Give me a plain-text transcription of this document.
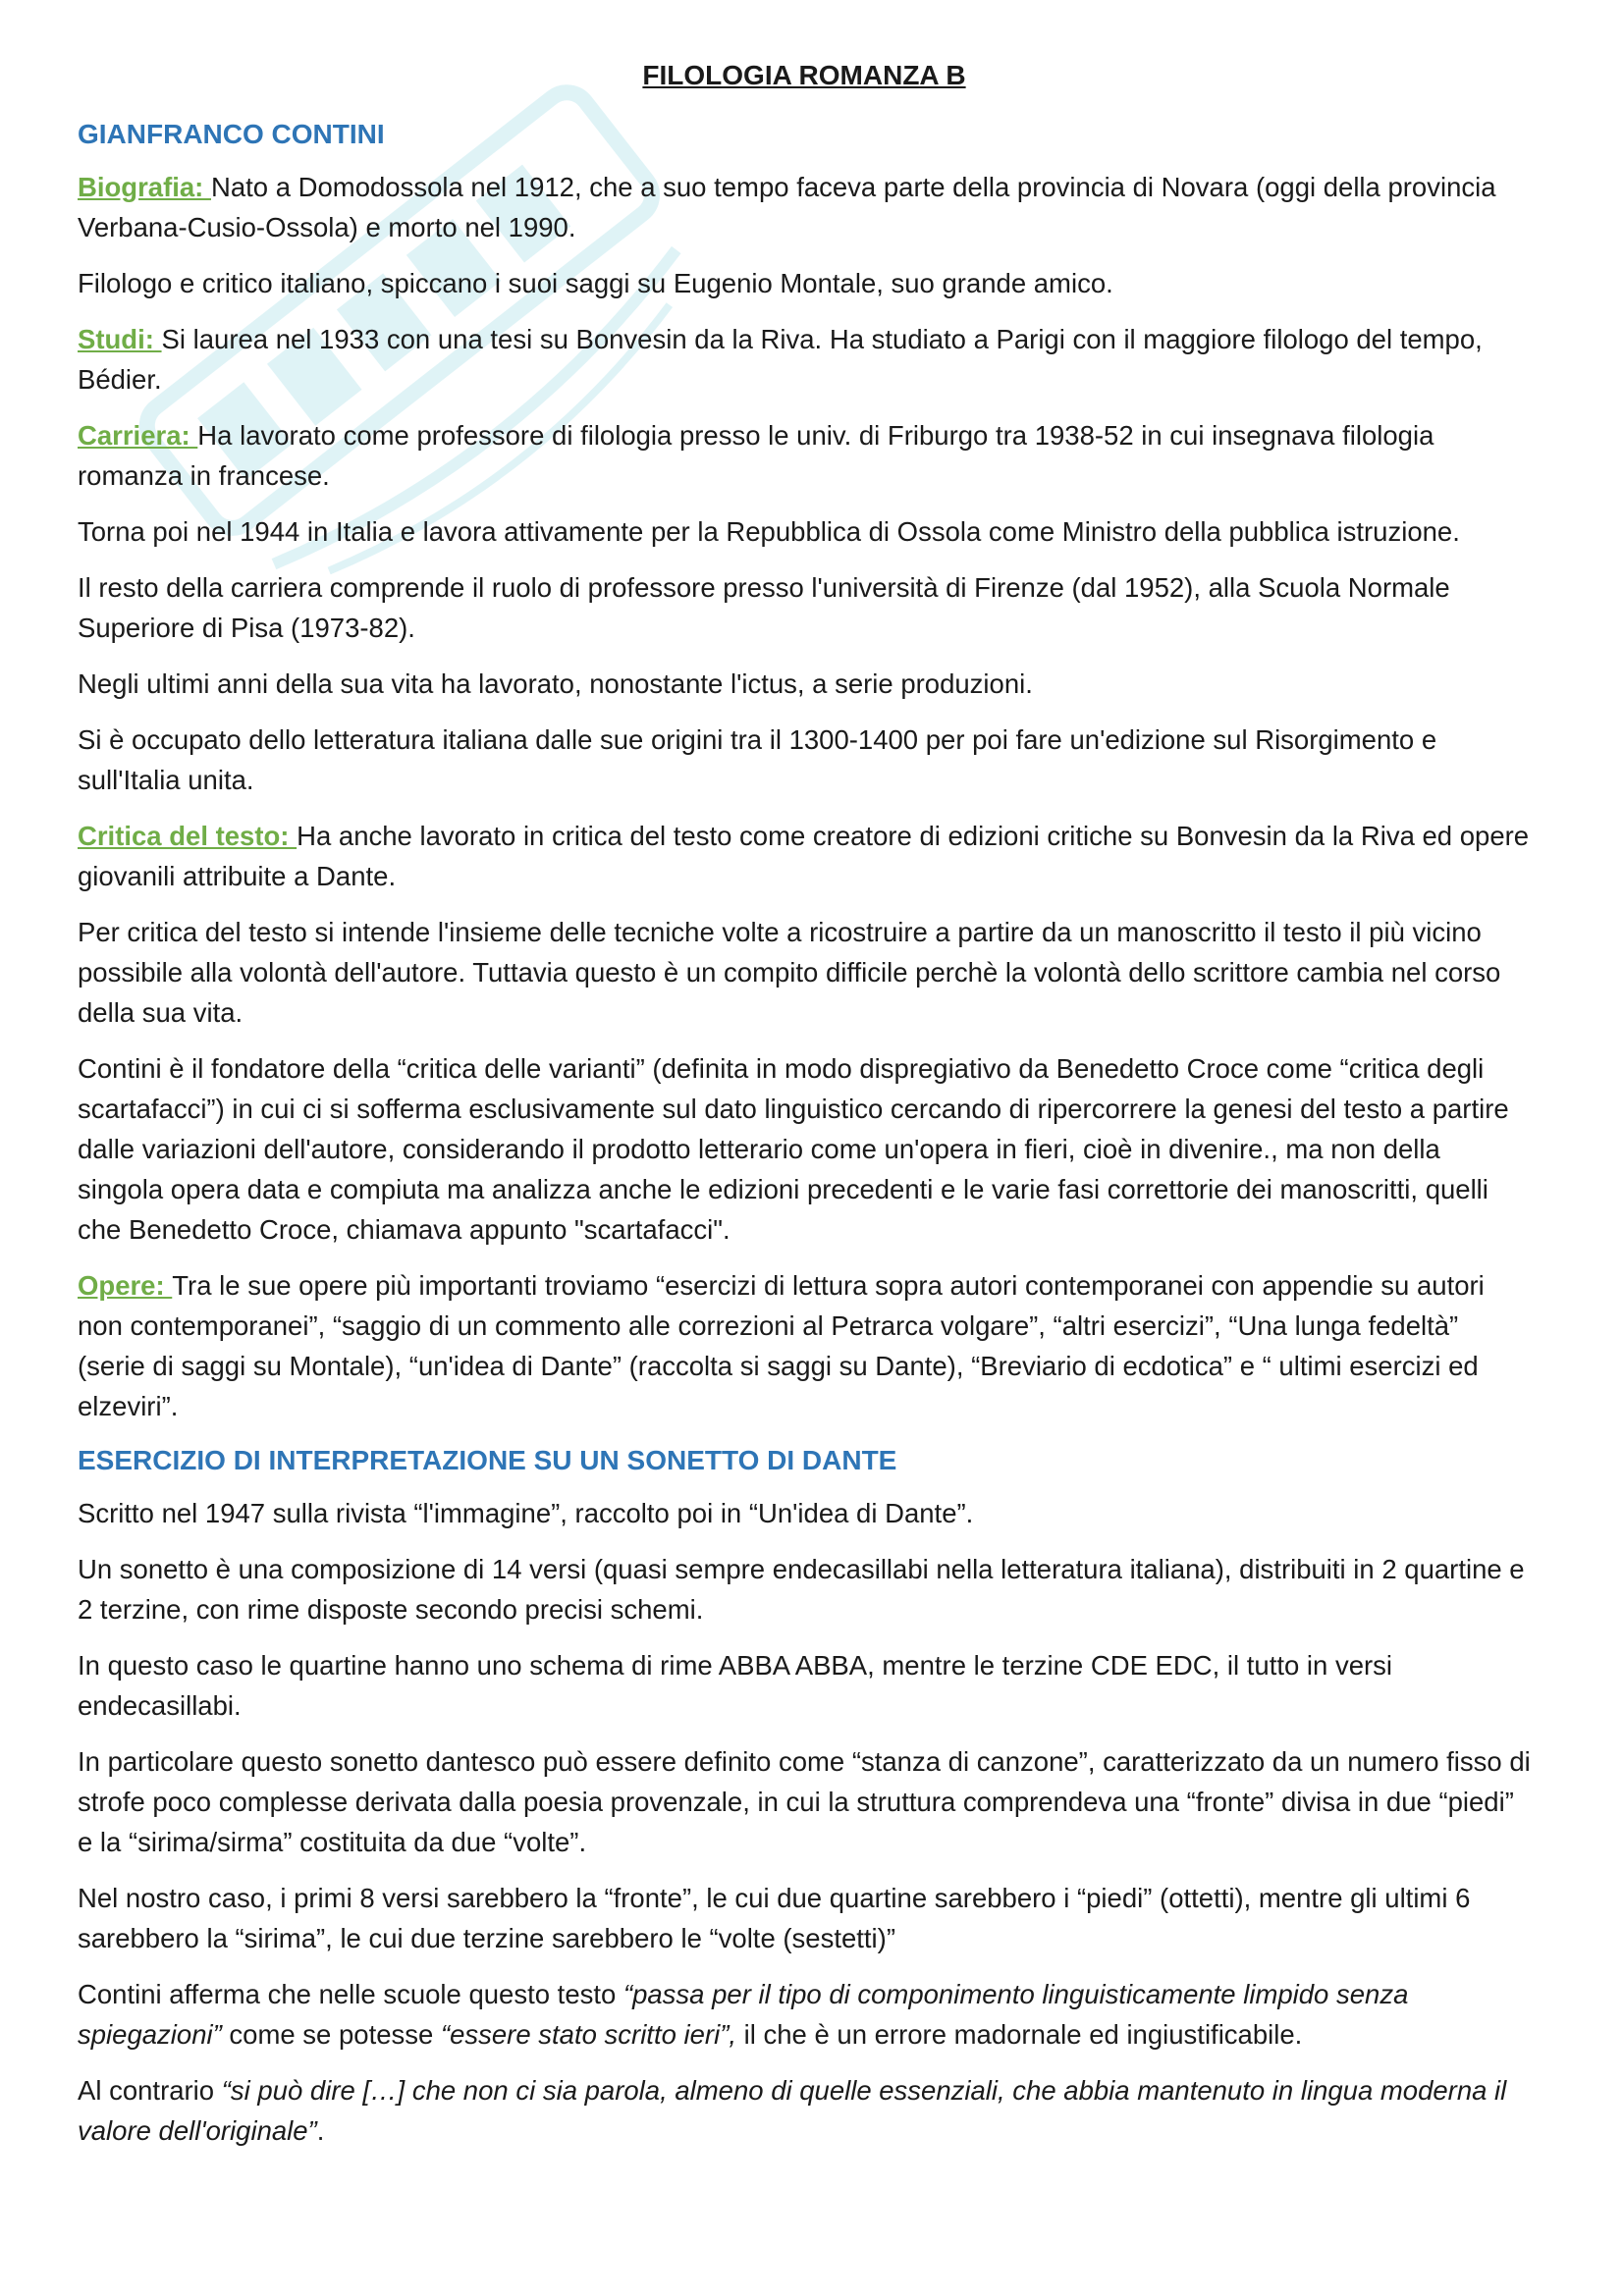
FILOLOGIA ROMANZA B
GIANFRANCO CONTINI

Biografia: Nato a Domodossola nel 1912, che a suo tempo faceva parte della provincia di Novara (oggi della provincia Verbana-Cusio-Ossola) e morto nel 1990.

Filologo e critico italiano, spiccano i suoi saggi su Eugenio Montale, suo grande amico.

Studi: Si laurea nel 1933 con una tesi su Bonvesin da la Riva. Ha studiato a Parigi con il maggiore filologo del tempo, Bédier.

Carriera: Ha lavorato come professore di filologia presso le univ. di Friburgo tra 1938-52 in cui insegnava filologia romanza in francese.

Torna poi nel 1944 in Italia e lavora attivamente per la Repubblica di Ossola come Ministro della pubblica istruzione.

Il resto della carriera comprende il ruolo di professore presso l'università di Firenze (dal 1952), alla Scuola Normale Superiore di Pisa (1973-82).

Negli ultimi anni della sua vita ha lavorato, nonostante l'ictus, a serie produzioni.

Si è occupato dello letteratura italiana dalle sue origini tra il 1300-1400 per poi fare un'edizione sul Risorgimento e sull'Italia unita.

Critica del testo: Ha anche lavorato in critica del testo come creatore di edizioni critiche su Bonvesin da la Riva ed opere giovanili attribuite a Dante.

Per critica del testo si intende l'insieme delle tecniche volte a ricostruire a partire da un manoscritto il testo il più vicino possibile alla volontà dell'autore. Tuttavia questo è un compito difficile perchè la volontà dello scrittore cambia nel corso della sua vita.

Contini è il fondatore della “critica delle varianti” (definita in modo dispregiativo da Benedetto Croce come “critica degli scartafacci”) in cui ci si sofferma esclusivamente sul dato linguistico cercando di ripercorrere la genesi del testo a partire dalle variazioni dell'autore, considerando il prodotto letterario come un'opera in fieri, cioè in divenire., ma non della singola opera data e compiuta ma analizza anche le edizioni precedenti e le varie fasi correttorie dei manoscritti, quelli che Benedetto Croce, chiamava appunto "scartafacci".

Opere: Tra le sue opere più importanti troviamo “esercizi di lettura sopra autori contemporanei con appendie su autori non contemporanei”, “saggio di un commento alle correzioni al Petrarca volgare”, “altri esercizi”, “Una lunga fedeltà” (serie di saggi su Montale), “un'idea di Dante” (raccolta si saggi su Dante), “Breviario di ecdotica” e “ ultimi esercizi ed elzeviri”.

ESERCIZIO DI INTERPRETAZIONE SU UN SONETTO DI DANTE

Scritto nel 1947 sulla rivista “l'immagine”, raccolto poi in “Un'idea di Dante”.

Un sonetto è una composizione di 14 versi (quasi sempre endecasillabi nella letteratura italiana), distribuiti in 2 quartine e 2 terzine, con rime disposte secondo precisi schemi.

In questo caso le quartine hanno uno schema di rime ABBA ABBA, mentre le terzine CDE EDC, il tutto in versi endecasillabi.

In particolare questo sonetto dantesco può essere definito come “stanza di canzone”, caratterizzato da un numero fisso di strofe poco complesse derivata dalla poesia provenzale, in cui la struttura comprendeva una “fronte” divisa in due “piedi” e la “sirima/sirma” costituita da due “volte”.

Nel nostro caso, i primi 8 versi sarebbero la “fronte”, le cui due quartine sarebbero i “piedi” (ottetti), mentre gli ultimi 6 sarebbero la “sirima”, le cui due terzine sarebbero le “volte (sestetti)”

Contini afferma che nelle scuole questo testo “passa per il tipo di componimento linguisticamente limpido senza spiegazioni” come se potesse “essere stato scritto ieri”, il che è un errore madornale ed ingiustificabile.

Al contrario “si può dire […] che non ci sia parola, almeno di quelle essenziali, che abbia mantenuto in lingua moderna il valore dell'originale”.
